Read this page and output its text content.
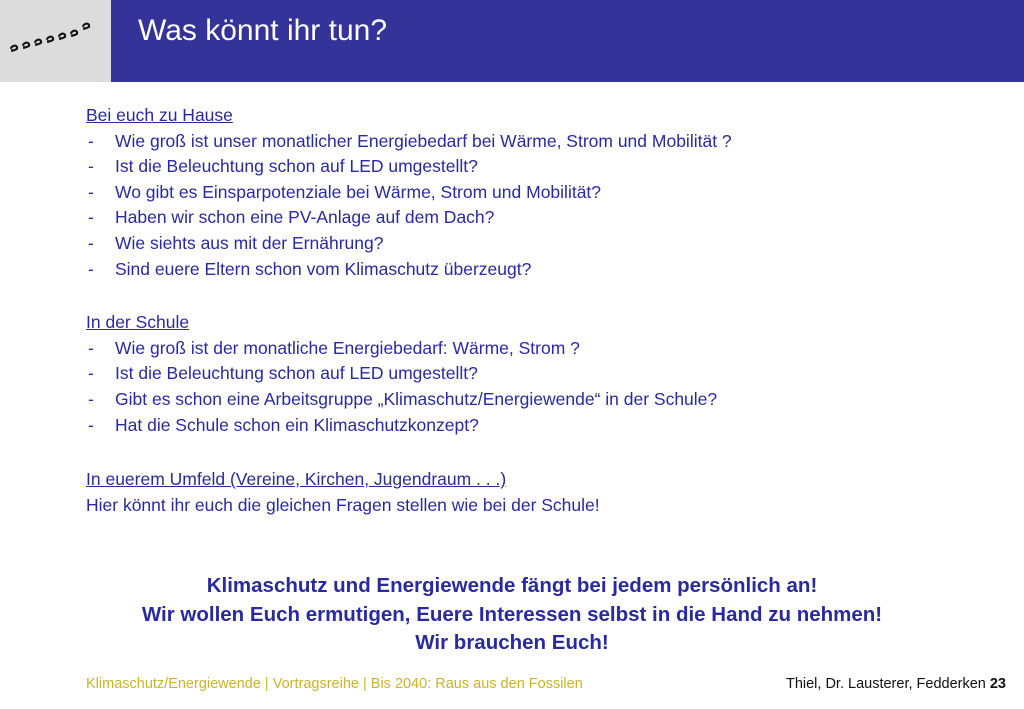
Was könnt ihr tun?
Bei euch zu Hause
- Wie groß ist unser monatlicher Energiebedarf bei Wärme, Strom und Mobilität ?
- Ist die Beleuchtung schon auf LED umgestellt?
- Wo gibt es Einsparpotenziale bei Wärme, Strom und Mobilität?
- Haben wir schon eine PV-Anlage auf dem Dach?
- Wie siehts aus mit der Ernährung?
- Sind euere Eltern schon vom Klimaschutz überzeugt?
In der Schule
- Wie groß ist der monatliche Energiebedarf: Wärme, Strom ?
- Ist die Beleuchtung schon auf LED umgestellt?
- Gibt es schon eine Arbeitsgruppe „Klimaschutz/Energiewende“ in der Schule?
- Hat die Schule schon ein Klimaschutzkonzept?
In euerem Umfeld (Vereine, Kirchen, Jugendraum . . .)
Hier könnt ihr euch die gleichen Fragen stellen wie bei der Schule!
Klimaschutz und Energiewende fängt bei jedem persönlich an!
Wir wollen Euch ermutigen, Euere Interessen selbst in die Hand zu nehmen!
Wir brauchen Euch!
Klimaschutz/Energiewende | Vortragsreihe | Bis 2040: Raus aus den Fossilen	Thiel, Dr. Lausterer, Fedderken 23
